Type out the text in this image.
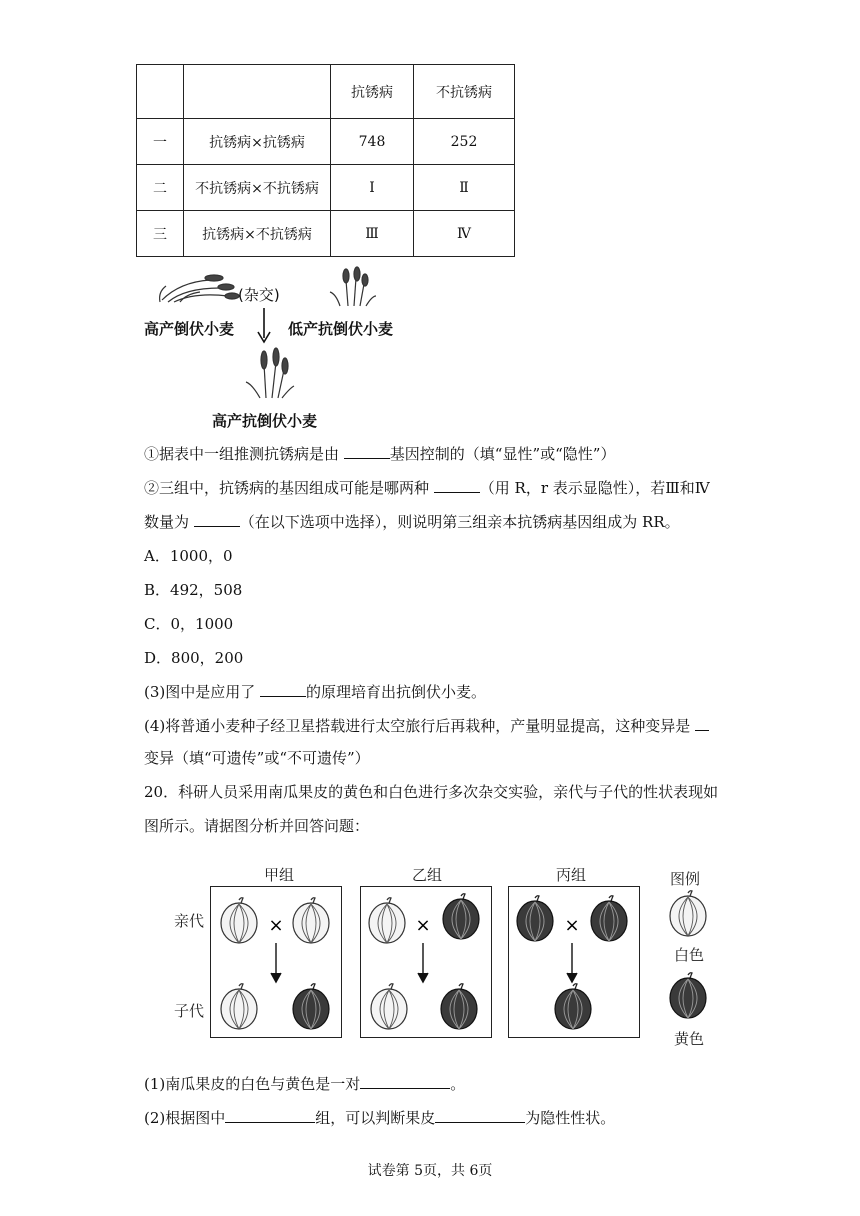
		抗锈病	不抗锈病
一	抗锈病×抗锈病	748	252
二	不抗锈病×不抗锈病	Ⅰ	Ⅱ
三	抗锈病×不抗锈病	Ⅲ	Ⅳ
(杂交)
高产倒伏小麦	低产抗倒伏小麦
高产抗倒伏小麦
①据表中一组推测抗锈病是由	基因控制的（填“显性”或“隐性”）
②三组中，抗锈病的基因组成可能是哪两种	（用 R，r 表示显隐性），若Ⅲ和Ⅳ
数量为	（在以下选项中选择），则说明第三组亲本抗锈病基因组成为 RR。
A．1000，0
B．492，508
C．0，1000
D．800，200
(3)图中是应用了	的原理培育出抗倒伏小麦。
(4)将普通小麦种子经卫星搭载进行太空旅行后再栽种，产量明显提高，这种变异是
变异（填“可遗传”或“不可遗传”）
20．科研人员采用南瓜果皮的黄色和白色进行多次杂交实验，亲代与子代的性状表现如
图所示。请据图分析并回答问题：
甲组	乙组	丙组	图例
亲代
子代
×	×	×
白色
黄色
(1)南瓜果皮的白色与黄色是一对	。
(2)根据图中	组，可以判断果皮	为隐性性状。
试卷第 5页，共 6页
